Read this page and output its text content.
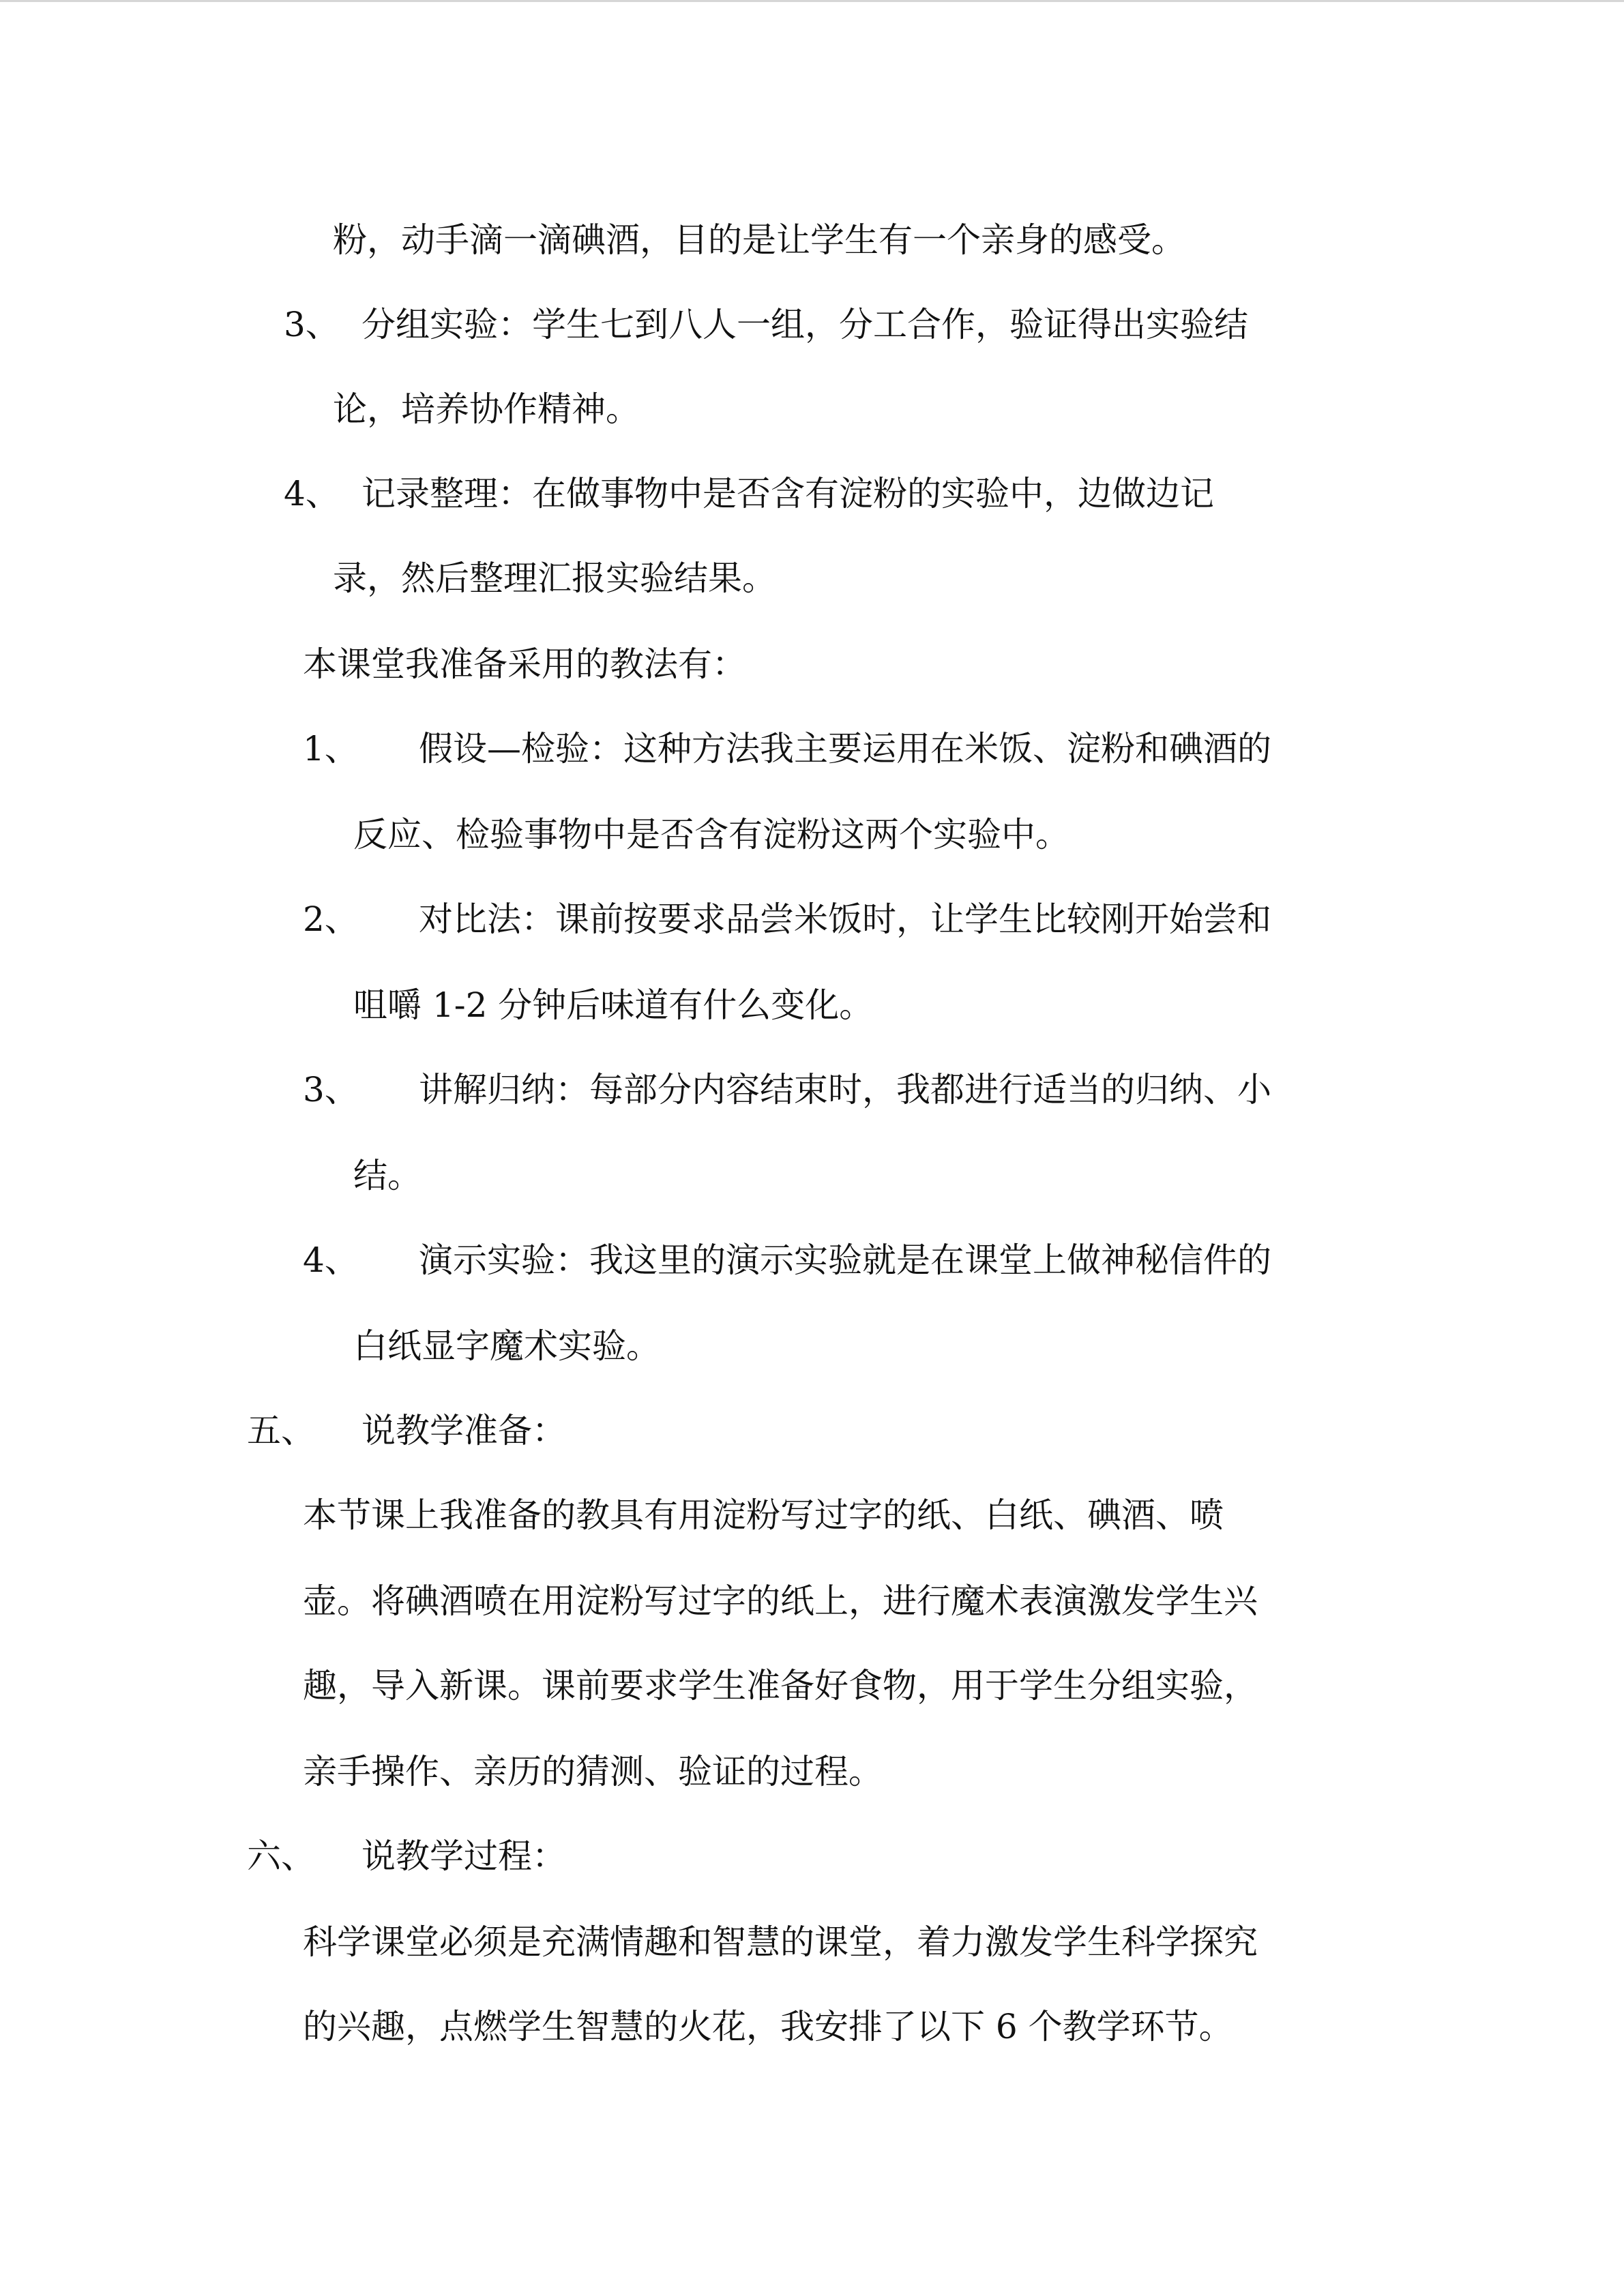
粉，动手滴一滴碘酒，目的是让学生有一个亲身的感受。
3、 分组实验：学生七到八人一组，分工合作，验证得出实验结
论，培养协作精神。
4、 记录整理：在做事物中是否含有淀粉的实验中，边做边记
录，然后整理汇报实验结果。
本课堂我准备采用的教法有：
1、 假设—检验：这种方法我主要运用在米饭、淀粉和碘酒的
反应、检验事物中是否含有淀粉这两个实验中。
2、 对比法：课前按要求品尝米饭时，让学生比较刚开始尝和
咀嚼 1-2 分钟后味道有什么变化。
3、 讲解归纳：每部分内容结束时，我都进行适当的归纳、小
结。
4、 演示实验：我这里的演示实验就是在课堂上做神秘信件的
白纸显字魔术实验。
五、 说教学准备：
本节课上我准备的教具有用淀粉写过字的纸、白纸、碘酒、喷
壶。将碘酒喷在用淀粉写过字的纸上，进行魔术表演激发学生兴
趣，导入新课。课前要求学生准备好食物，用于学生分组实验，
亲手操作、亲历的猜测、验证的过程。
六、 说教学过程：
科学课堂必须是充满情趣和智慧的课堂，着力激发学生科学探究
的兴趣，点燃学生智慧的火花，我安排了以下 6 个教学环节。
